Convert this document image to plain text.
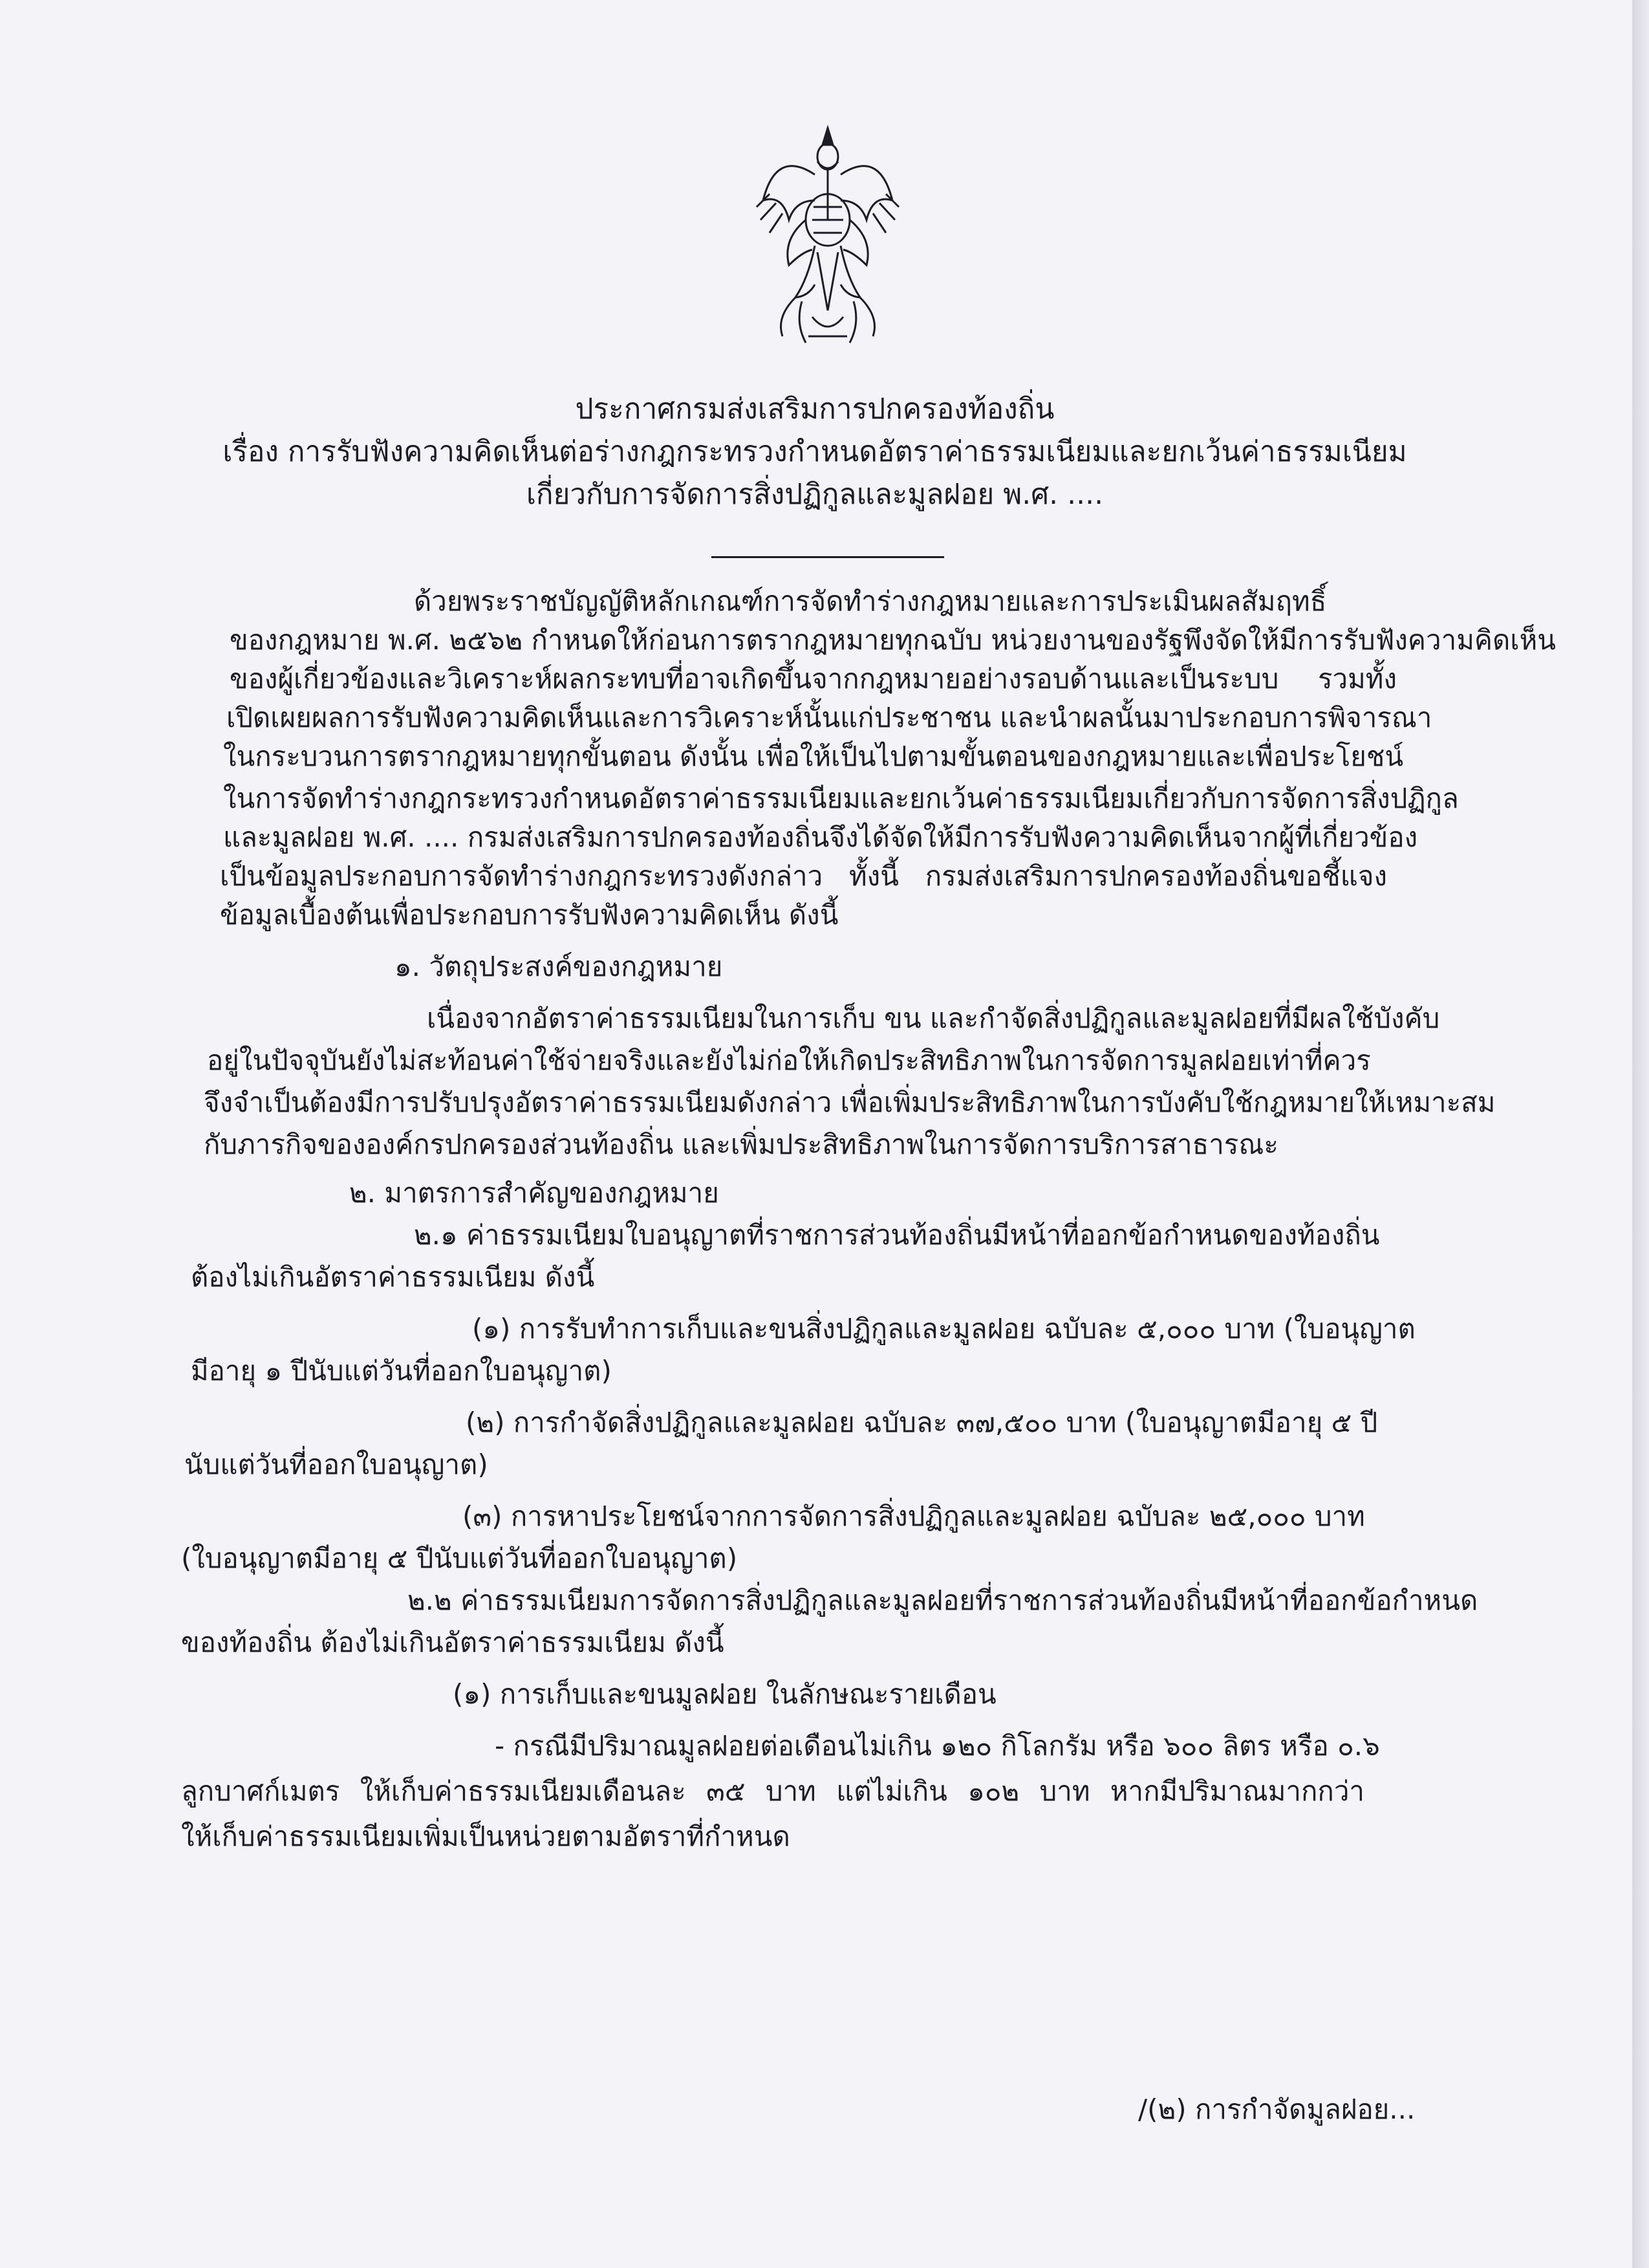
ประกาศกรมส่งเสริมการปกครองท้องถิ่น
เรื่อง การรับฟังความคิดเห็นต่อร่างกฎกระทรวงกำหนดอัตราค่าธรรมเนียมและยกเว้นค่าธรรมเนียม
เกี่ยวกับการจัดการสิ่งปฏิกูลและมูลฝอย พ.ศ. ....
ด้วยพระราชบัญญัติหลักเกณฑ์การจัดทำร่างกฎหมายและการประเมินผลสัมฤทธิ์
ของกฎหมาย พ.ศ. ๒๕๖๒ กำหนดให้ก่อนการตรากฎหมายทุกฉบับ หน่วยงานของรัฐพึงจัดให้มีการรับฟังความคิดเห็น
ของผู้เกี่ยวข้องและวิเคราะห์ผลกระทบที่อาจเกิดขึ้นจากกฎหมายอย่างรอบด้านและเป็นระบบ รวมทั้ง
เปิดเผยผลการรับฟังความคิดเห็นและการวิเคราะห์นั้นแก่ประชาชน และนำผลนั้นมาประกอบการพิจารณา
ในกระบวนการตรากฎหมายทุกขั้นตอน ดังนั้น เพื่อให้เป็นไปตามขั้นตอนของกฎหมายและเพื่อประโยชน์
ในการจัดทำร่างกฎกระทรวงกำหนดอัตราค่าธรรมเนียมและยกเว้นค่าธรรมเนียมเกี่ยวกับการจัดการสิ่งปฏิกูล
และมูลฝอย พ.ศ. .... กรมส่งเสริมการปกครองท้องถิ่นจึงได้จัดให้มีการรับฟังความคิดเห็นจากผู้ที่เกี่ยวข้อง
เป็นข้อมูลประกอบการจัดทำร่างกฎกระทรวงดังกล่าว ทั้งนี้ กรมส่งเสริมการปกครองท้องถิ่นขอชี้แจง
ข้อมูลเบื้องต้นเพื่อประกอบการรับฟังความคิดเห็น ดังนี้
๑. วัตถุประสงค์ของกฎหมาย
เนื่องจากอัตราค่าธรรมเนียมในการเก็บ ขน และกำจัดสิ่งปฏิกูลและมูลฝอยที่มีผลใช้บังคับ
อยู่ในปัจจุบันยังไม่สะท้อนค่าใช้จ่ายจริงและยังไม่ก่อให้เกิดประสิทธิภาพในการจัดการมูลฝอยเท่าที่ควร
จึงจำเป็นต้องมีการปรับปรุงอัตราค่าธรรมเนียมดังกล่าว เพื่อเพิ่มประสิทธิภาพในการบังคับใช้กฎหมายให้เหมาะสม
กับภารกิจขององค์กรปกครองส่วนท้องถิ่น และเพิ่มประสิทธิภาพในการจัดการบริการสาธารณะ
๒. มาตรการสำคัญของกฎหมาย
๒.๑ ค่าธรรมเนียมใบอนุญาตที่ราชการส่วนท้องถิ่นมีหน้าที่ออกข้อกำหนดของท้องถิ่น
ต้องไม่เกินอัตราค่าธรรมเนียม ดังนี้
(๑) การรับทำการเก็บและขนสิ่งปฏิกูลและมูลฝอย ฉบับละ ๕,๐๐๐ บาท (ใบอนุญาต
มีอายุ ๑ ปีนับแต่วันที่ออกใบอนุญาต)
(๒) การกำจัดสิ่งปฏิกูลและมูลฝอย ฉบับละ ๓๗,๕๐๐ บาท (ใบอนุญาตมีอายุ ๕ ปี
นับแต่วันที่ออกใบอนุญาต)
(๓) การหาประโยชน์จากการจัดการสิ่งปฏิกูลและมูลฝอย ฉบับละ ๒๕,๐๐๐ บาท
(ใบอนุญาตมีอายุ ๕ ปีนับแต่วันที่ออกใบอนุญาต)
๒.๒ ค่าธรรมเนียมการจัดการสิ่งปฏิกูลและมูลฝอยที่ราชการส่วนท้องถิ่นมีหน้าที่ออกข้อกำหนด
ของท้องถิ่น ต้องไม่เกินอัตราค่าธรรมเนียม ดังนี้
(๑) การเก็บและขนมูลฝอย ในลักษณะรายเดือน
- กรณีมีปริมาณมูลฝอยต่อเดือนไม่เกิน ๑๒๐ กิโลกรัม หรือ ๖๐๐ ลิตร หรือ ๐.๖
ลูกบาศก์เมตร ให้เก็บค่าธรรมเนียมเดือนละ ๓๕ บาท แต่ไม่เกิน ๑๐๒ บาท หากมีปริมาณมากกว่า
ให้เก็บค่าธรรมเนียมเพิ่มเป็นหน่วยตามอัตราที่กำหนด
/(๒) การกำจัดมูลฝอย...
